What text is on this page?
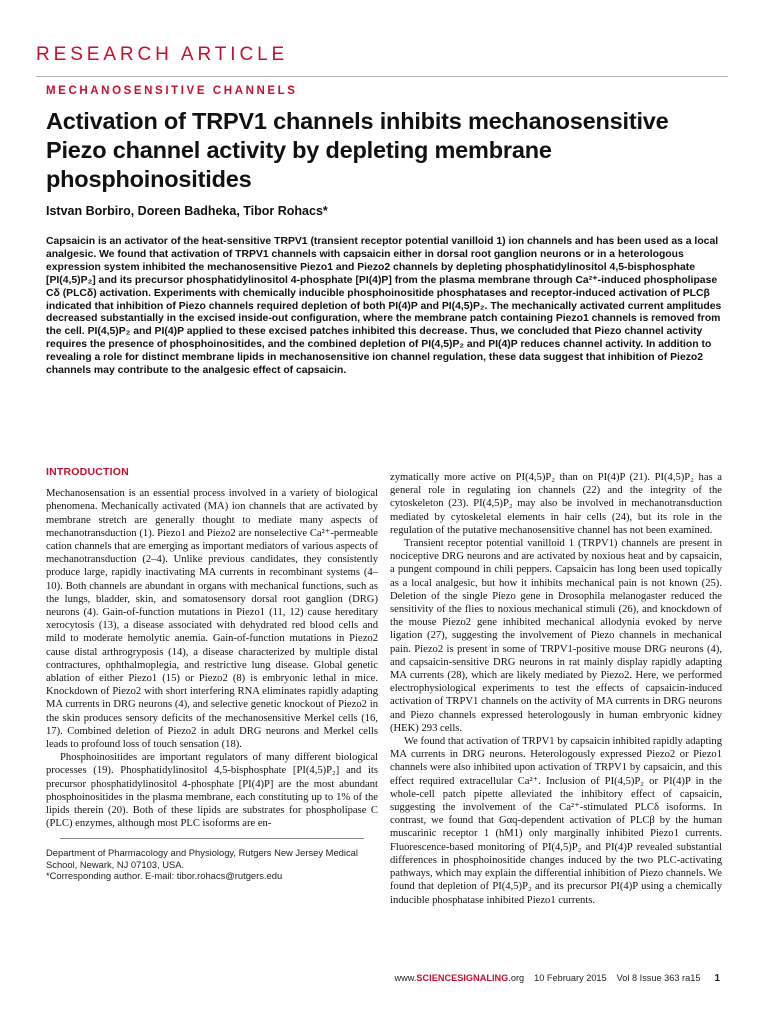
RESEARCH ARTICLE
MECHANOSENSITIVE CHANNELS
Activation of TRPV1 channels inhibits mechanosensitive Piezo channel activity by depleting membrane phosphoinositides
Istvan Borbiro, Doreen Badheka, Tibor Rohacs*

Capsaicin is an activator of the heat-sensitive TRPV1 (transient receptor potential vanilloid 1) ion channels and has been used as a local analgesic. We found that activation of TRPV1 channels with capsaicin either in dorsal root ganglion neurons or in a heterologous expression system inhibited the mechanosensitive Piezo1 and Piezo2 channels by depleting phosphatidylinositol 4,5-bisphosphate [PI(4,5)P₂] and its precursor phosphatidylinositol 4-phosphate [PI(4)P] from the plasma membrane through Ca²⁺-induced phospholipase Cδ (PLCδ) activation. Experiments with chemically inducible phosphoinositide phosphatases and receptor-induced activation of PLCβ indicated that inhibition of Piezo channels required depletion of both PI(4)P and PI(4,5)P₂. The mechanically activated current amplitudes decreased substantially in the excised inside-out configuration, where the membrane patch containing Piezo1 channels is removed from the cell. PI(4,5)P₂ and PI(4)P applied to these excised patches inhibited this decrease. Thus, we concluded that Piezo channel activity requires the presence of phosphoinositides, and the combined depletion of PI(4,5)P₂ and PI(4)P reduces channel activity. In addition to revealing a role for distinct membrane lipids in mechanosensitive ion channel regulation, these data suggest that inhibition of Piezo2 channels may contribute to the analgesic effect of capsaicin.

INTRODUCTION

Mechanosensation is an essential process involved in a variety of biological phenomena. Mechanically activated (MA) ion channels that are activated by membrane stretch are generally thought to mediate many aspects of mechanotransduction (1). Piezo1 and Piezo2 are nonselective Ca²⁺-permeable cation channels that are emerging as important mediators of various aspects of mechanotransduction (2–4). Unlike previous candidates, they consistently produce large, rapidly inactivating MA currents in recombinant systems (4–10). Both channels are abundant in organs with mechanical functions, such as the lungs, bladder, skin, and somatosensory dorsal root ganglion (DRG) neurons (4). Gain-of-function mutations in Piezo1 (11, 12) cause hereditary xerocytosis (13), a disease associated with dehydrated red blood cells and mild to moderate hemolytic anemia. Gain-of-function mutations in Piezo2 cause distal arthrogryposis (14), a disease characterized by multiple distal contractures, ophthalmoplegia, and restrictive lung disease. Global genetic ablation of either Piezo1 (15) or Piezo2 (8) is embryonic lethal in mice. Knockdown of Piezo2 with short interfering RNA eliminates rapidly adapting MA currents in DRG neurons (4), and selective genetic knockout of Piezo2 in the skin produces sensory deficits of the mechanosensitive Merkel cells (16, 17). Combined deletion of Piezo2 in adult DRG neurons and Merkel cells leads to profound loss of touch sensation (18).

Phosphoinositides are important regulators of many different biological processes (19). Phosphatidylinositol 4,5-bisphosphate [PI(4,5)P₂] and its precursor phosphatidylinositol 4-phosphate [PI(4)P] are the most abundant phosphoinositides in the plasma membrane, each constituting up to 1% of the lipids therein (20). Both of these lipids are substrates for phospholipase C (PLC) enzymes, although most PLC isoforms are en-

zymatically more active on PI(4,5)P₂ than on PI(4)P (21). PI(4,5)P₂ has a general role in regulating ion channels (22) and the integrity of the cytoskeleton (23). PI(4,5)P₂ may also be involved in mechanotransduction mediated by cytoskeletal elements in hair cells (24), but its role in the regulation of the putative mechanosensitive channel has not been examined.

Transient receptor potential vanilloid 1 (TRPV1) channels are present in nociceptive DRG neurons and are activated by noxious heat and by capsaicin, a pungent compound in chili peppers. Capsaicin has long been used topically as a local analgesic, but how it inhibits mechanical pain is not known (25). Deletion of the single Piezo gene in Drosophila melanogaster reduced the sensitivity of the flies to noxious mechanical stimuli (26), and knockdown of the mouse Piezo2 gene inhibited mechanical allodynia evoked by nerve ligation (27), suggesting the involvement of Piezo channels in mechanical pain. Piezo2 is present in some of TRPV1-positive mouse DRG neurons (4), and capsaicin-sensitive DRG neurons in rat mainly display rapidly adapting MA currents (28), which are likely mediated by Piezo2. Here, we performed electrophysiological experiments to test the effects of capsaicin-induced activation of TRPV1 channels on the activity of MA currents in DRG neurons and Piezo channels expressed heterologously in human embryonic kidney (HEK) 293 cells.

We found that activation of TRPV1 by capsaicin inhibited rapidly adapting MA currents in DRG neurons. Heterologously expressed Piezo2 or Piezo1 channels were also inhibited upon activation of TRPV1 by capsaicin, and this effect required extracellular Ca²⁺. Inclusion of PI(4,5)P₂ or PI(4)P in the whole-cell patch pipette alleviated the inhibitory effect of capsaicin, suggesting the involvement of the Ca²⁺-stimulated PLCδ isoforms. In contrast, we found that Gαq-dependent activation of PLCβ by the human muscarinic receptor 1 (hM1) only marginally inhibited Piezo1 currents. Fluorescence-based monitoring of PI(4,5)P₂ and PI(4)P revealed substantial differences in phosphoinositide changes induced by the two PLC-activating pathways, which may explain the differential inhibition of Piezo channels. We found that depletion of PI(4,5)P₂ and its precursor PI(4)P using a chemically inducible phosphatase inhibited Piezo1 currents.

Department of Pharmacology and Physiology, Rutgers New Jersey Medical School, Newark, NJ 07103, USA.
*Corresponding author. E-mail: tibor.rohacs@rutgers.edu
www. SCIENCESIGNALING .org 10 February 2015 Vol 8 Issue 363 ra15 1
